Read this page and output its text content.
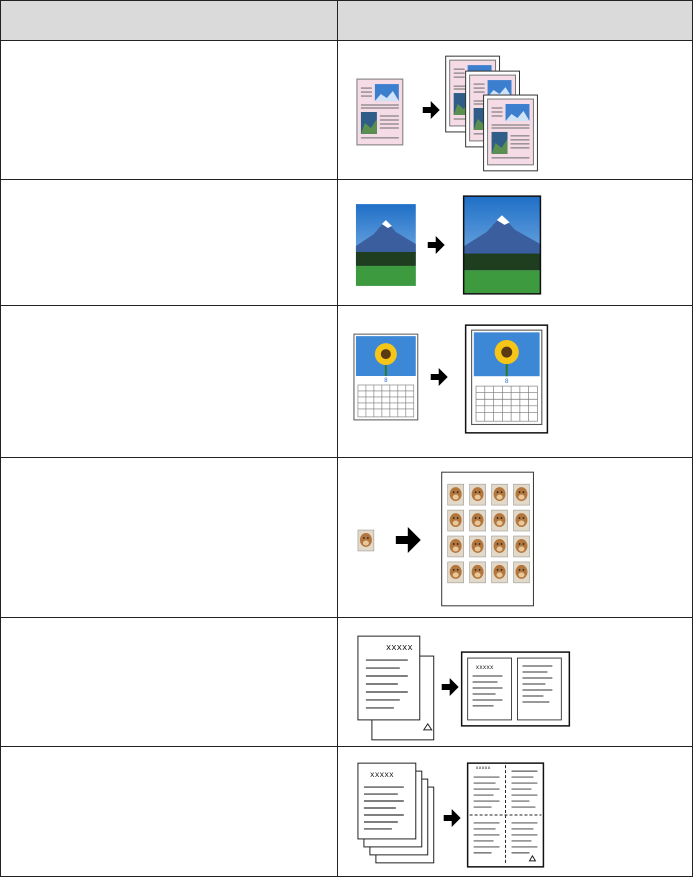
xxxxx
xxxxx
xxxxx
xxxxx
